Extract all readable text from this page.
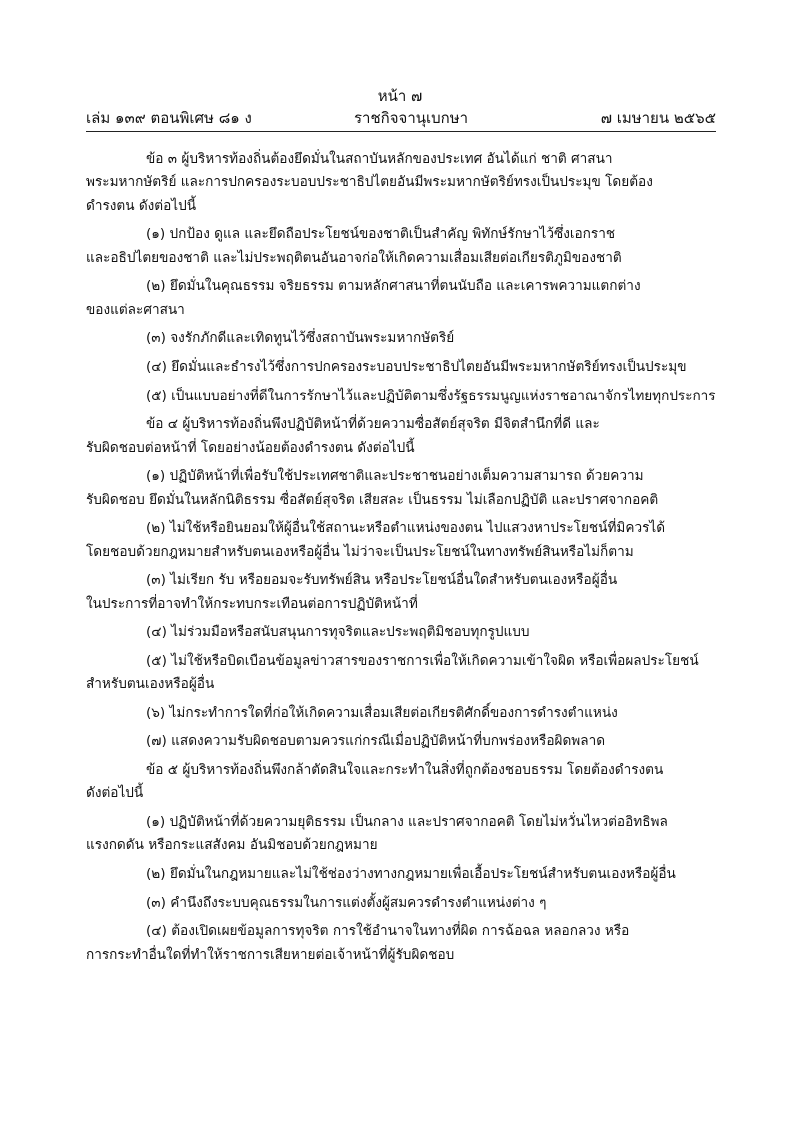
หน้า ๗
เล่ม ๑๓๙ ตอนพิเศษ ๘๑ ง	ราชกิจจานุเบกษา	๗ เมษายน ๒๕๖๕
ข้อ ๓ ผู้บริหารท้องถิ่นต้องยึดมั่นในสถาบันหลักของประเทศ อันได้แก่ ชาติ ศาสนา
พระมหากษัตริย์ และการปกครองระบอบประชาธิปไตยอันมีพระมหากษัตริย์ทรงเป็นประมุข โดยต้อง
ดำรงตน ดังต่อไปนี้
(๑) ปกป้อง ดูแล และยึดถือประโยชน์ของชาติเป็นสำคัญ พิทักษ์รักษาไว้ซึ่งเอกราช
และอธิปไตยของชาติ และไม่ประพฤติตนอันอาจก่อให้เกิดความเสื่อมเสียต่อเกียรติภูมิของชาติ
(๒) ยึดมั่นในคุณธรรม จริยธรรม ตามหลักศาสนาที่ตนนับถือ และเคารพความแตกต่าง
ของแต่ละศาสนา
(๓) จงรักภักดีและเทิดทูนไว้ซึ่งสถาบันพระมหากษัตริย์
(๔) ยึดมั่นและธำรงไว้ซึ่งการปกครองระบอบประชาธิปไตยอันมีพระมหากษัตริย์ทรงเป็นประมุข
(๕) เป็นแบบอย่างที่ดีในการรักษาไว้และปฏิบัติตามซึ่งรัฐธรรมนูญแห่งราชอาณาจักรไทยทุกประการ
ข้อ ๔ ผู้บริหารท้องถิ่นพึงปฏิบัติหน้าที่ด้วยความซื่อสัตย์สุจริต มีจิตสำนึกที่ดี และ
รับผิดชอบต่อหน้าที่ โดยอย่างน้อยต้องดำรงตน ดังต่อไปนี้
(๑) ปฏิบัติหน้าที่เพื่อรับใช้ประเทศชาติและประชาชนอย่างเต็มความสามารถ ด้วยความ
รับผิดชอบ ยึดมั่นในหลักนิติธรรม ซื่อสัตย์สุจริต เสียสละ เป็นธรรม ไม่เลือกปฏิบัติ และปราศจากอคติ
(๒) ไม่ใช้หรือยินยอมให้ผู้อื่นใช้สถานะหรือตำแหน่งของตน ไปแสวงหาประโยชน์ที่มิควรได้
โดยชอบด้วยกฎหมายสำหรับตนเองหรือผู้อื่น ไม่ว่าจะเป็นประโยชน์ในทางทรัพย์สินหรือไม่ก็ตาม
(๓) ไม่เรียก รับ หรือยอมจะรับทรัพย์สิน หรือประโยชน์อื่นใดสำหรับตนเองหรือผู้อื่น
ในประการที่อาจทำให้กระทบกระเทือนต่อการปฏิบัติหน้าที่
(๔) ไม่ร่วมมือหรือสนับสนุนการทุจริตและประพฤติมิชอบทุกรูปแบบ
(๕) ไม่ใช้หรือบิดเบือนข้อมูลข่าวสารของราชการเพื่อให้เกิดความเข้าใจผิด หรือเพื่อผลประโยชน์
สำหรับตนเองหรือผู้อื่น
(๖) ไม่กระทำการใดที่ก่อให้เกิดความเสื่อมเสียต่อเกียรติศักดิ์ของการดำรงตำแหน่ง
(๗) แสดงความรับผิดชอบตามควรแก่กรณีเมื่อปฏิบัติหน้าที่บกพร่องหรือผิดพลาด
ข้อ ๕ ผู้บริหารท้องถิ่นพึงกล้าตัดสินใจและกระทำในสิ่งที่ถูกต้องชอบธรรม โดยต้องดำรงตน
ดังต่อไปนี้
(๑) ปฏิบัติหน้าที่ด้วยความยุติธรรม เป็นกลาง และปราศจากอคติ โดยไม่หวั่นไหวต่ออิทธิพล
แรงกดดัน หรือกระแสสังคม อันมิชอบด้วยกฎหมาย
(๒) ยึดมั่นในกฎหมายและไม่ใช้ช่องว่างทางกฎหมายเพื่อเอื้อประโยชน์สำหรับตนเองหรือผู้อื่น
(๓) คำนึงถึงระบบคุณธรรมในการแต่งตั้งผู้สมควรดำรงตำแหน่งต่าง ๆ
(๔) ต้องเปิดเผยข้อมูลการทุจริต การใช้อำนาจในทางที่ผิด การฉ้อฉล หลอกลวง หรือ
การกระทำอื่นใดที่ทำให้ราชการเสียหายต่อเจ้าหน้าที่ผู้รับผิดชอบ
